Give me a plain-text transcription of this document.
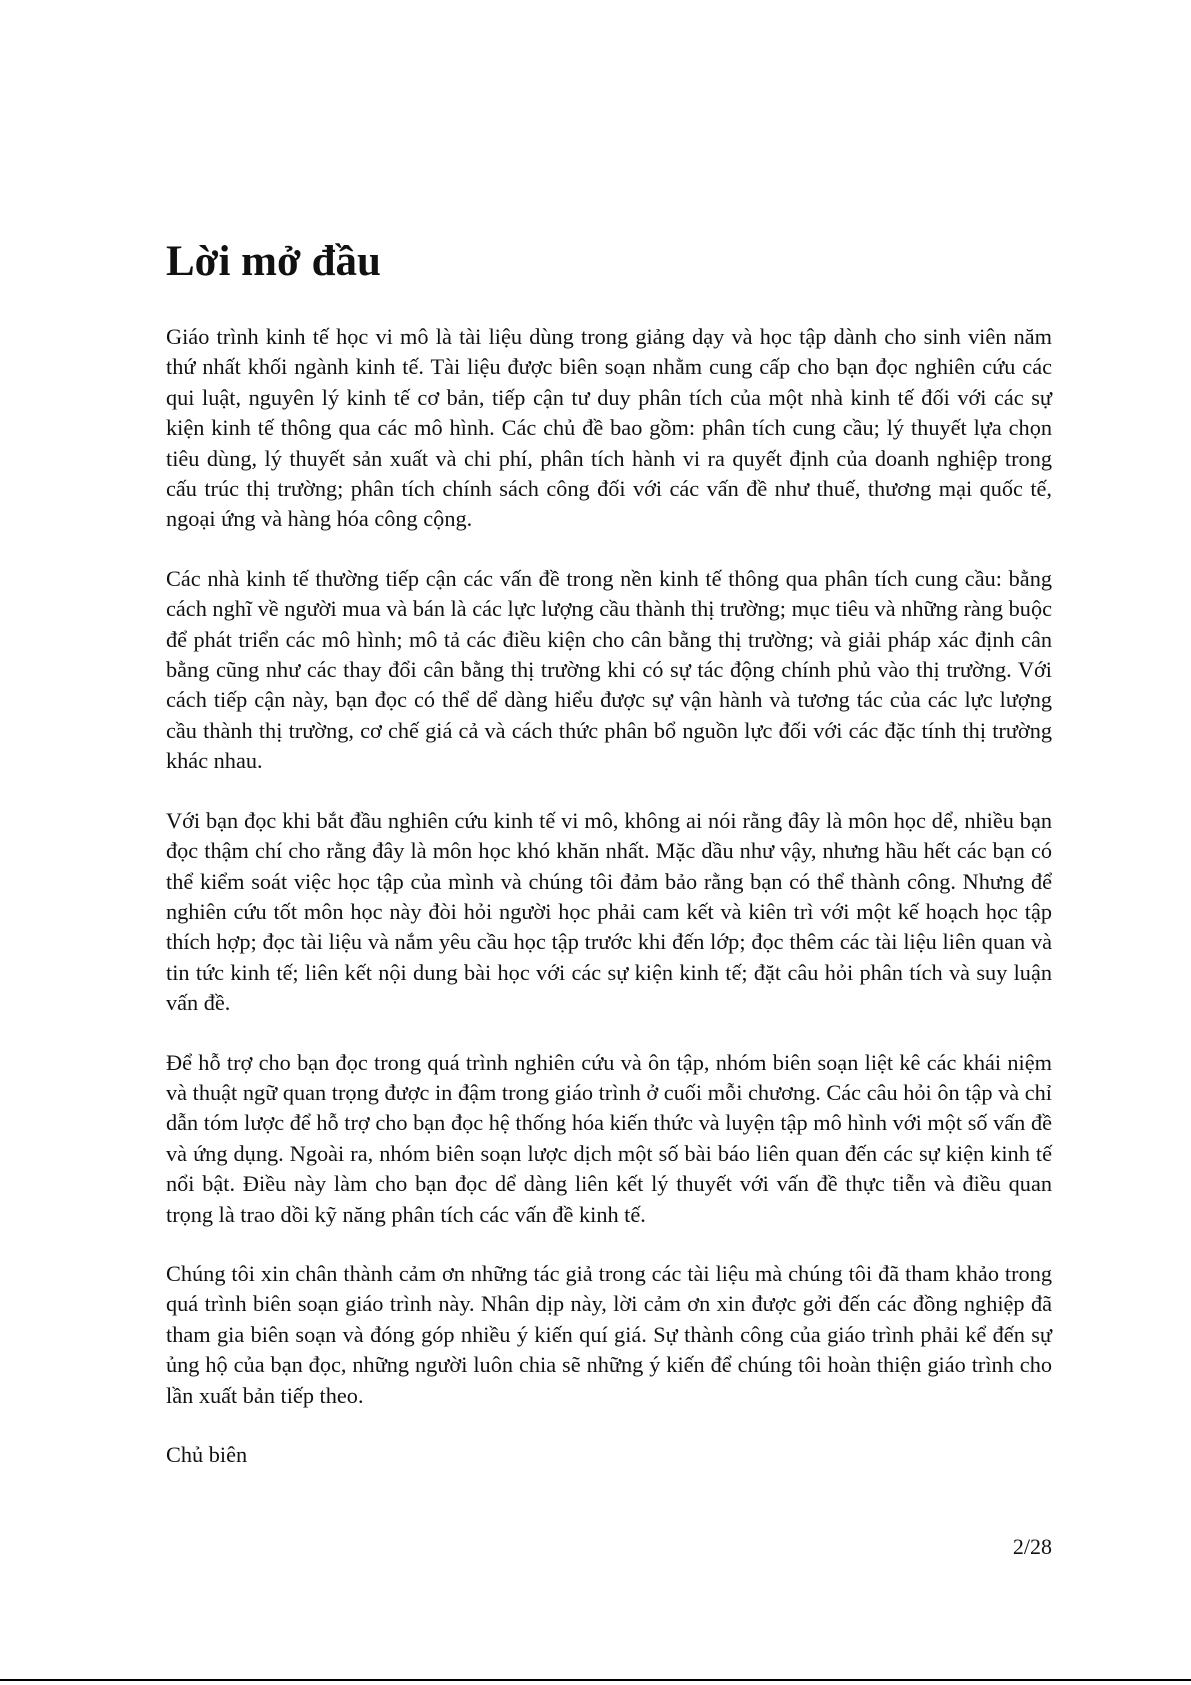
Lời mở đầu

Giáo trình kinh tế học vi mô là tài liệu dùng trong giảng dạy và học tập dành cho sinh viên năm thứ nhất khối ngành kinh tế. Tài liệu được biên soạn nhằm cung cấp cho bạn đọc nghiên cứu các qui luật, nguyên lý kinh tế cơ bản, tiếp cận tư duy phân tích của một nhà kinh tế đối với các sự kiện kinh tế thông qua các mô hình. Các chủ đề bao gồm: phân tích cung cầu; lý thuyết lựa chọn tiêu dùng, lý thuyết sản xuất và chi phí, phân tích hành vi ra quyết định của doanh nghiệp trong cấu trúc thị trường; phân tích chính sách công đối với các vấn đề như thuế, thương mại quốc tế, ngoại ứng và hàng hóa công cộng.

Các nhà kinh tế thường tiếp cận các vấn đề trong nền kinh tế thông qua phân tích cung cầu: bằng cách nghĩ về người mua và bán là các lực lượng cầu thành thị trường; mục tiêu và những ràng buộc để phát triển các mô hình; mô tả các điều kiện cho cân bằng thị trường; và giải pháp xác định cân bằng cũng như các thay đổi cân bằng thị trường khi có sự tác động chính phủ vào thị trường. Với cách tiếp cận này, bạn đọc có thể dể dàng hiểu được sự vận hành và tương tác của các lực lượng cầu thành thị trường, cơ chế giá cả và cách thức phân bổ nguồn lực đối với các đặc tính thị trường khác nhau.

Với bạn đọc khi bắt đầu nghiên cứu kinh tế vi mô, không ai nói rằng đây là môn học dể, nhiều bạn đọc thậm chí cho rằng đây là môn học khó khăn nhất. Mặc dầu như vậy, nhưng hầu hết các bạn có thể kiểm soát việc học tập của mình và chúng tôi đảm bảo rằng bạn có thể thành công. Nhưng để nghiên cứu tốt môn học này đòi hỏi người học phải cam kết và kiên trì với một kế hoạch học tập thích hợp; đọc tài liệu và nắm yêu cầu học tập trước khi đến lớp; đọc thêm các tài liệu liên quan và tin tức kinh tế; liên kết nội dung bài học với các sự kiện kinh tế; đặt câu hỏi phân tích và suy luận vấn đề.

Để hỗ trợ cho bạn đọc trong quá trình nghiên cứu và ôn tập, nhóm biên soạn liệt kê các khái niệm và thuật ngữ quan trọng được in đậm trong giáo trình ở cuối mỗi chương. Các câu hỏi ôn tập và chỉ dẫn tóm lược để hỗ trợ cho bạn đọc hệ thống hóa kiến thức và luyện tập mô hình với một số vấn đề và ứng dụng. Ngoài ra, nhóm biên soạn lược dịch một số bài báo liên quan đến các sự kiện kinh tế nổi bật. Điều này làm cho bạn đọc dể dàng liên kết lý thuyết với vấn đề thực tiễn và điều quan trọng là trao dồi kỹ năng phân tích các vấn đề kinh tế.

Chúng tôi xin chân thành cảm ơn những tác giả trong các tài liệu mà chúng tôi đã tham khảo trong quá trình biên soạn giáo trình này. Nhân dịp này, lời cảm ơn xin được gởi đến các đồng nghiệp đã tham gia biên soạn và đóng góp nhiều ý kiến quí giá. Sự thành công của giáo trình phải kể đến sự ủng hộ của bạn đọc, những người luôn chia sẽ những ý kiến để chúng tôi hoàn thiện giáo trình cho lần xuất bản tiếp theo.

Chủ biên

2/28
